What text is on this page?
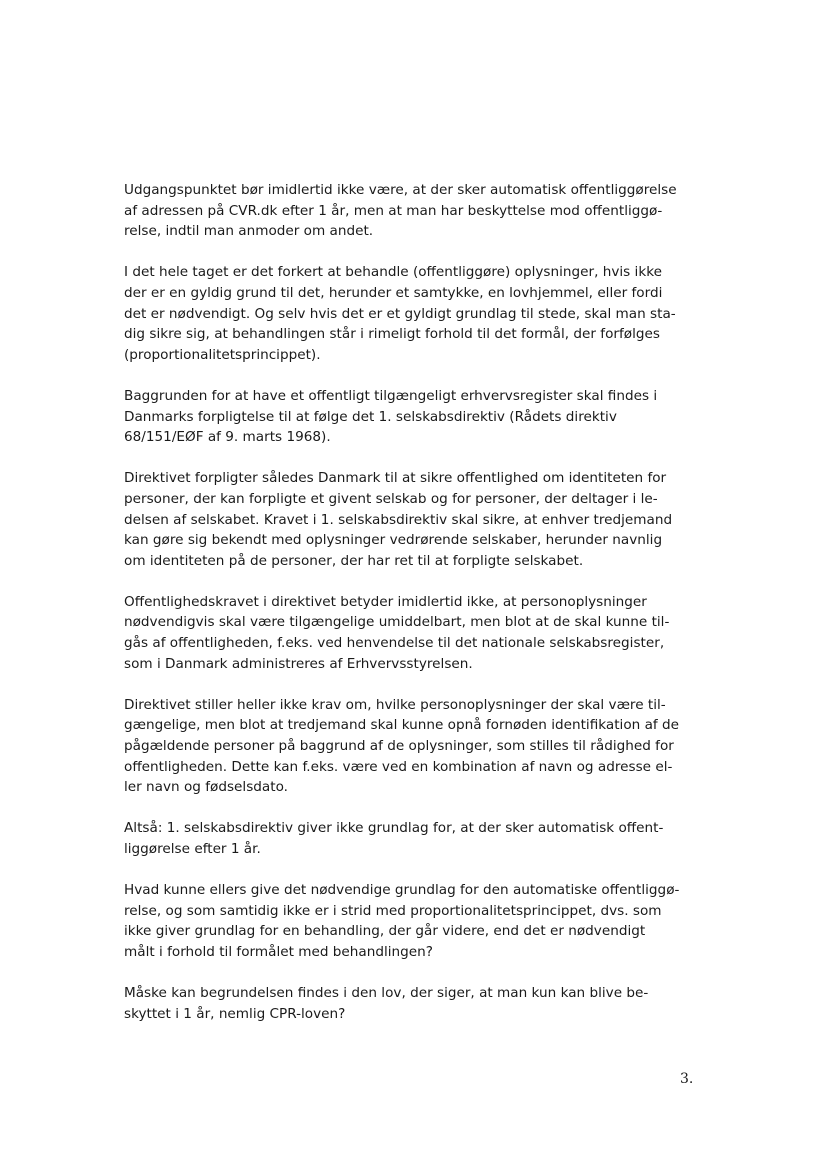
Udgangspunktet bør imidlertid ikke være, at der sker automatisk offentliggørelse
af adressen på CVR.dk efter 1 år, men at man har beskyttelse mod offentliggø-
relse, indtil man anmoder om andet.
I det hele taget er det forkert at behandle (offentliggøre) oplysninger, hvis ikke
der er en gyldig grund til det, herunder et samtykke, en lovhjemmel, eller fordi
det er nødvendigt. Og selv hvis det er et gyldigt grundlag til stede, skal man sta-
dig sikre sig, at behandlingen står i rimeligt forhold til det formål, der forfølges
(proportionalitetsprincippet).
Baggrunden for at have et offentligt tilgængeligt erhvervsregister skal findes i
Danmarks forpligtelse til at følge det 1. selskabsdirektiv (Rådets direktiv
68/151/EØF af 9. marts 1968).
Direktivet forpligter således Danmark til at sikre offentlighed om identiteten for
personer, der kan forpligte et givent selskab og for personer, der deltager i le-
delsen af selskabet. Kravet i 1. selskabsdirektiv skal sikre, at enhver tredjemand
kan gøre sig bekendt med oplysninger vedrørende selskaber, herunder navnlig
om identiteten på de personer, der har ret til at forpligte selskabet.
Offentlighedskravet i direktivet betyder imidlertid ikke, at personoplysninger
nødvendigvis skal være tilgængelige umiddelbart, men blot at de skal kunne til-
gås af offentligheden, f.eks. ved henvendelse til det nationale selskabsregister,
som i Danmark administreres af Erhvervsstyrelsen.
Direktivet stiller heller ikke krav om, hvilke personoplysninger der skal være til-
gængelige, men blot at tredjemand skal kunne opnå fornøden identifikation af de
pågældende personer på baggrund af de oplysninger, som stilles til rådighed for
offentligheden. Dette kan f.eks. være ved en kombination af navn og adresse el-
ler navn og fødselsdato.
Altså: 1. selskabsdirektiv giver ikke grundlag for, at der sker automatisk offent-
liggørelse efter 1 år.
Hvad kunne ellers give det nødvendige grundlag for den automatiske offentliggø-
relse, og som samtidig ikke er i strid med proportionalitetsprincippet, dvs. som
ikke giver grundlag for en behandling, der går videre, end det er nødvendigt
målt i forhold til formålet med behandlingen?
Måske kan begrundelsen findes i den lov, der siger, at man kun kan blive be-
skyttet i 1 år, nemlig CPR-loven?
3.
